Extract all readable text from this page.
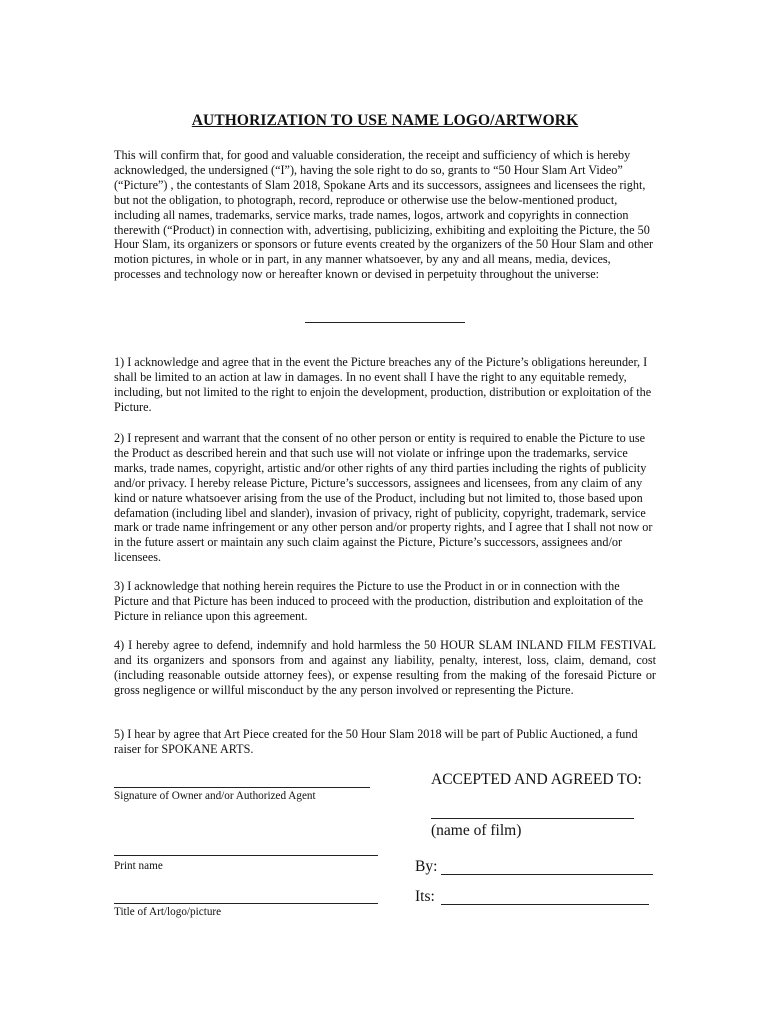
AUTHORIZATION TO USE NAME LOGO/ARTWORK
This will confirm that, for good and valuable consideration, the receipt and sufficiency of which is hereby acknowledged, the undersigned (“I”), having the sole right to do so, grants to “50 Hour Slam Art Video” (“Picture”) , the contestants of Slam 2018, Spokane Arts and its successors, assignees and licensees the right, but not the obligation, to photograph, record, reproduce or otherwise use the below-mentioned product, including all names, trademarks, service marks, trade names, logos, artwork and copyrights in connection therewith (“Product) in connection with, advertising, publicizing, exhibiting and exploiting the Picture, the 50 Hour Slam, its organizers or sponsors or future events created by the organizers of the 50 Hour Slam and other motion pictures, in whole or in part, in any manner whatsoever, by any and all means, media, devices, processes and technology now or hereafter known or devised in perpetuity throughout the universe:
1) I acknowledge and agree that in the event the Picture breaches any of the Picture’s obligations hereunder, I shall be limited to an action at law in damages. In no event shall I have the right to any equitable remedy, including, but not limited to the right to enjoin the development, production, distribution or exploitation of the Picture.
2) I represent and warrant that the consent of no other person or entity is required to enable the Picture to use the Product as described herein and that such use will not violate or infringe upon the trademarks, service marks, trade names, copyright, artistic and/or other rights of any third parties including the rights of publicity and/or privacy. I hereby release Picture, Picture’s successors, assignees and licensees, from any claim of any kind or nature whatsoever arising from the use of the Product, including but not limited to, those based upon defamation (including libel and slander), invasion of privacy, right of publicity, copyright, trademark, service mark or trade name infringement or any other person and/or property rights, and I agree that I shall not now or in the future assert or maintain any such claim against the Picture, Picture’s successors, assignees and/or licensees.
3) I acknowledge that nothing herein requires the Picture to use the Product in or in connection with the Picture and that Picture has been induced to proceed with the production, distribution and exploitation of the Picture in reliance upon this agreement.
4) I hereby agree to defend, indemnify and hold harmless the 50 HOUR SLAM INLAND FILM FESTIVAL and its organizers and sponsors from and against any liability, penalty, interest, loss, claim, demand, cost (including reasonable outside attorney fees), or expense resulting from the making of the foresaid Picture or gross negligence or willful misconduct by the any person involved or representing the Picture.
5) I hear by agree that Art Piece created for the 50 Hour Slam 2018 will be part of Public Auctioned, a fund raiser for SPOKANE ARTS.
Signature of Owner and/or Authorized Agent
Print name
Title of Art/logo/picture
ACCEPTED AND AGREED TO:
(name of film)
By:
Its:
